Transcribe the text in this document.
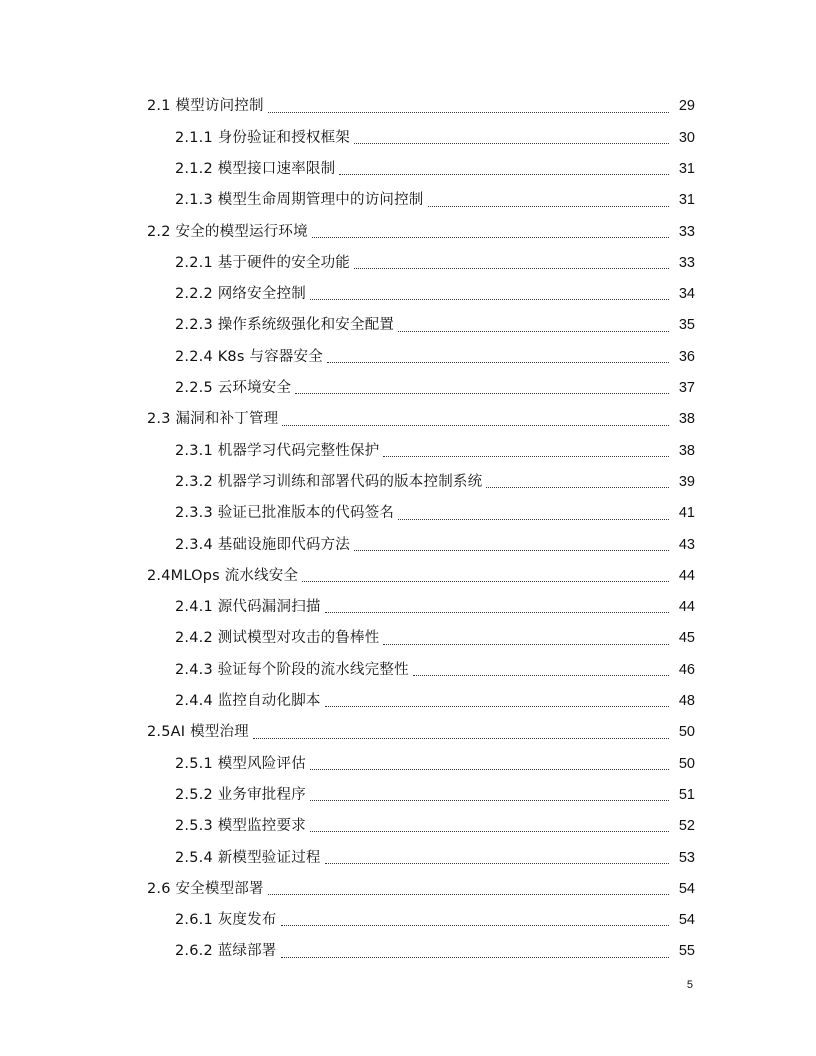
2.1 模型访问控制	29
2.1.1 身份验证和授权框架	30
2.1.2 模型接口速率限制	31
2.1.3 模型生命周期管理中的访问控制	31
2.2 安全的模型运行环境	33
2.2.1 基于硬件的安全功能	33
2.2.2 网络安全控制	34
2.2.3 操作系统级强化和安全配置	35
2.2.4 K8s 与容器安全	36
2.2.5 云环境安全	37
2.3 漏洞和补丁管理	38
2.3.1 机器学习代码完整性保护	38
2.3.2 机器学习训练和部署代码的版本控制系统	39
2.3.3 验证已批准版本的代码签名	41
2.3.4 基础设施即代码方法	43
2.4MLOps 流水线安全	44
2.4.1 源代码漏洞扫描	44
2.4.2 测试模型对攻击的鲁棒性	45
2.4.3 验证每个阶段的流水线完整性	46
2.4.4 监控自动化脚本	48
2.5AI 模型治理	50
2.5.1 模型风险评估	50
2.5.2 业务审批程序	51
2.5.3 模型监控要求	52
2.5.4 新模型验证过程	53
2.6 安全模型部署	54
2.6.1 灰度发布	54
2.6.2 蓝绿部署	55
5
